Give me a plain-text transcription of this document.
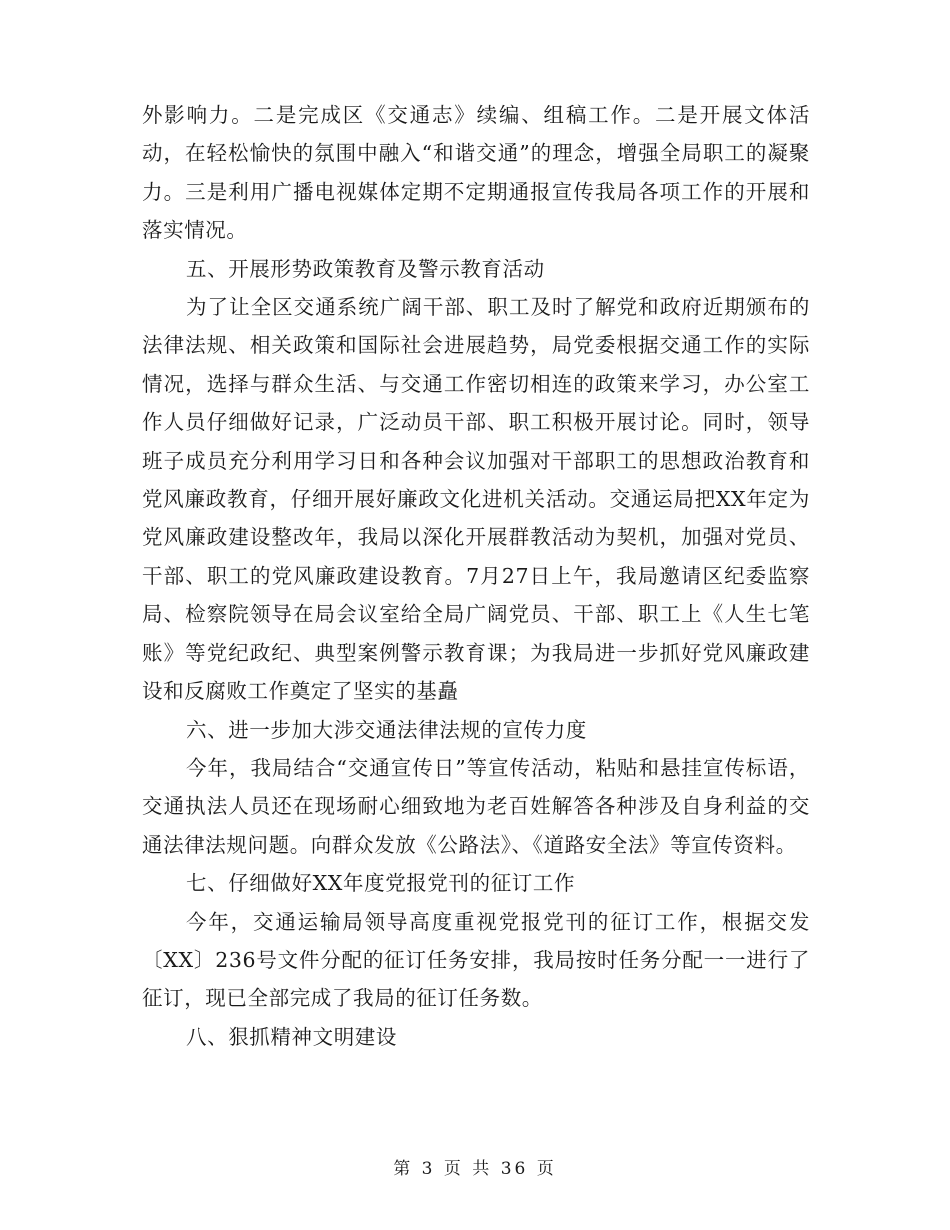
外影响力。二是完成区《交通志》续编、组稿工作。二是开展文体活动，在轻松愉快的氛围中融入“和谐交通”的理念，增强全局职工的凝聚力。三是利用广播电视媒体定期不定期通报宣传我局各项工作的开展和落实情况。

五、开展形势政策教育及警示教育活动

为了让全区交通系统广阔干部、职工及时了解党和政府近期颁布的法律法规、相关政策和国际社会进展趋势，局党委根据交通工作的实际情况，选择与群众生活、与交通工作密切相连的政策来学习，办公室工作人员仔细做好记录，广泛动员干部、职工积极开展讨论。同时，领导班子成员充分利用学习日和各种会议加强对干部职工的思想政治教育和党风廉政教育，仔细开展好廉政文化进机关活动。交通运局把XX年定为党风廉政建设整改年，我局以深化开展群教活动为契机，加强对党员、干部、职工的党风廉政建设教育。7月27日上午，我局邀请区纪委监察局、检察院领导在局会议室给全局广阔党员、干部、职工上《人生七笔账》等党纪政纪、典型案例警示教育课；为我局进一步抓好党风廉政建设和反腐败工作奠定了坚实的基矗

六、进一步加大涉交通法律法规的宣传力度

今年，我局结合“交通宣传日”等宣传活动，粘贴和悬挂宣传标语，交通执法人员还在现场耐心细致地为老百姓解答各种涉及自身利益的交通法律法规问题。向群众发放《公路法》、《道路安全法》等宣传资料。

七、仔细做好XX年度党报党刊的征订工作

今年，交通运输局领导高度重视党报党刊的征订工作，根据交发〔XX〕236号文件分配的征订任务安排，我局按时任务分配一一进行了征订，现已全部完成了我局的征订任务数。

八、狠抓精神文明建设

第 3 页 共 36 页
